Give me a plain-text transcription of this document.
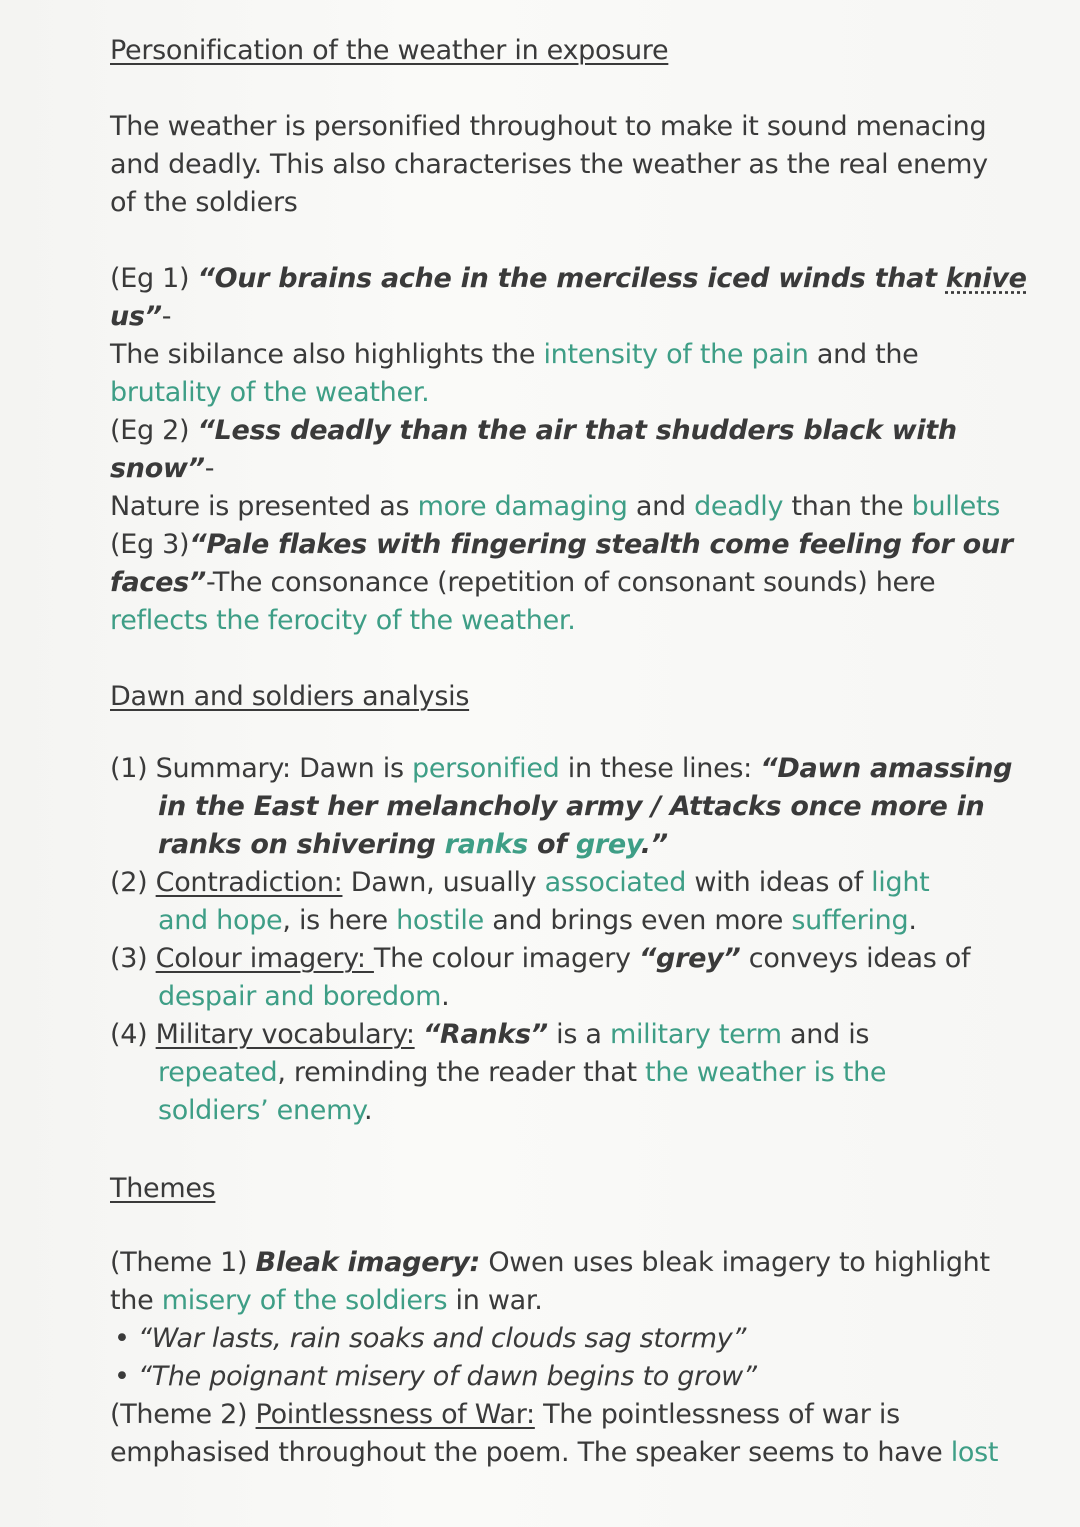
Personification of the weather in exposure
The weather is personified throughout to make it sound menacing
and deadly. This also characterises the weather as the real enemy
of the soldiers
(Eg 1) “Our brains ache in the merciless iced winds that knive
us”-
The sibilance also highlights the intensity of the pain and the
brutality of the weather.
(Eg 2) “Less deadly than the air that shudders black with
snow”-
Nature is presented as more damaging and deadly than the bullets
(Eg 3)“Pale flakes with fingering stealth come feeling for our
faces”-The consonance (repetition of consonant sounds) here
reflects the ferocity of the weather.
Dawn and soldiers analysis
(1) Summary: Dawn is personified in these lines: “Dawn amassing
in the East her melancholy army / Attacks once more in
ranks on shivering ranks of grey.”
(2) Contradiction: Dawn, usually associated with ideas of light
and hope, is here hostile and brings even more suffering.
(3) Colour imagery: The colour imagery “grey” conveys ideas of
despair and boredom.
(4) Military vocabulary: “Ranks” is a military term and is
repeated, reminding the reader that the weather is the
soldiers’ enemy.
Themes
(Theme 1) Bleak imagery: Owen uses bleak imagery to highlight
the misery of the soldiers in war.
• “War lasts, rain soaks and clouds sag stormy”
• “The poignant misery of dawn begins to grow”
(Theme 2) Pointlessness of War: The pointlessness of war is
emphasised throughout the poem. The speaker seems to have lost
